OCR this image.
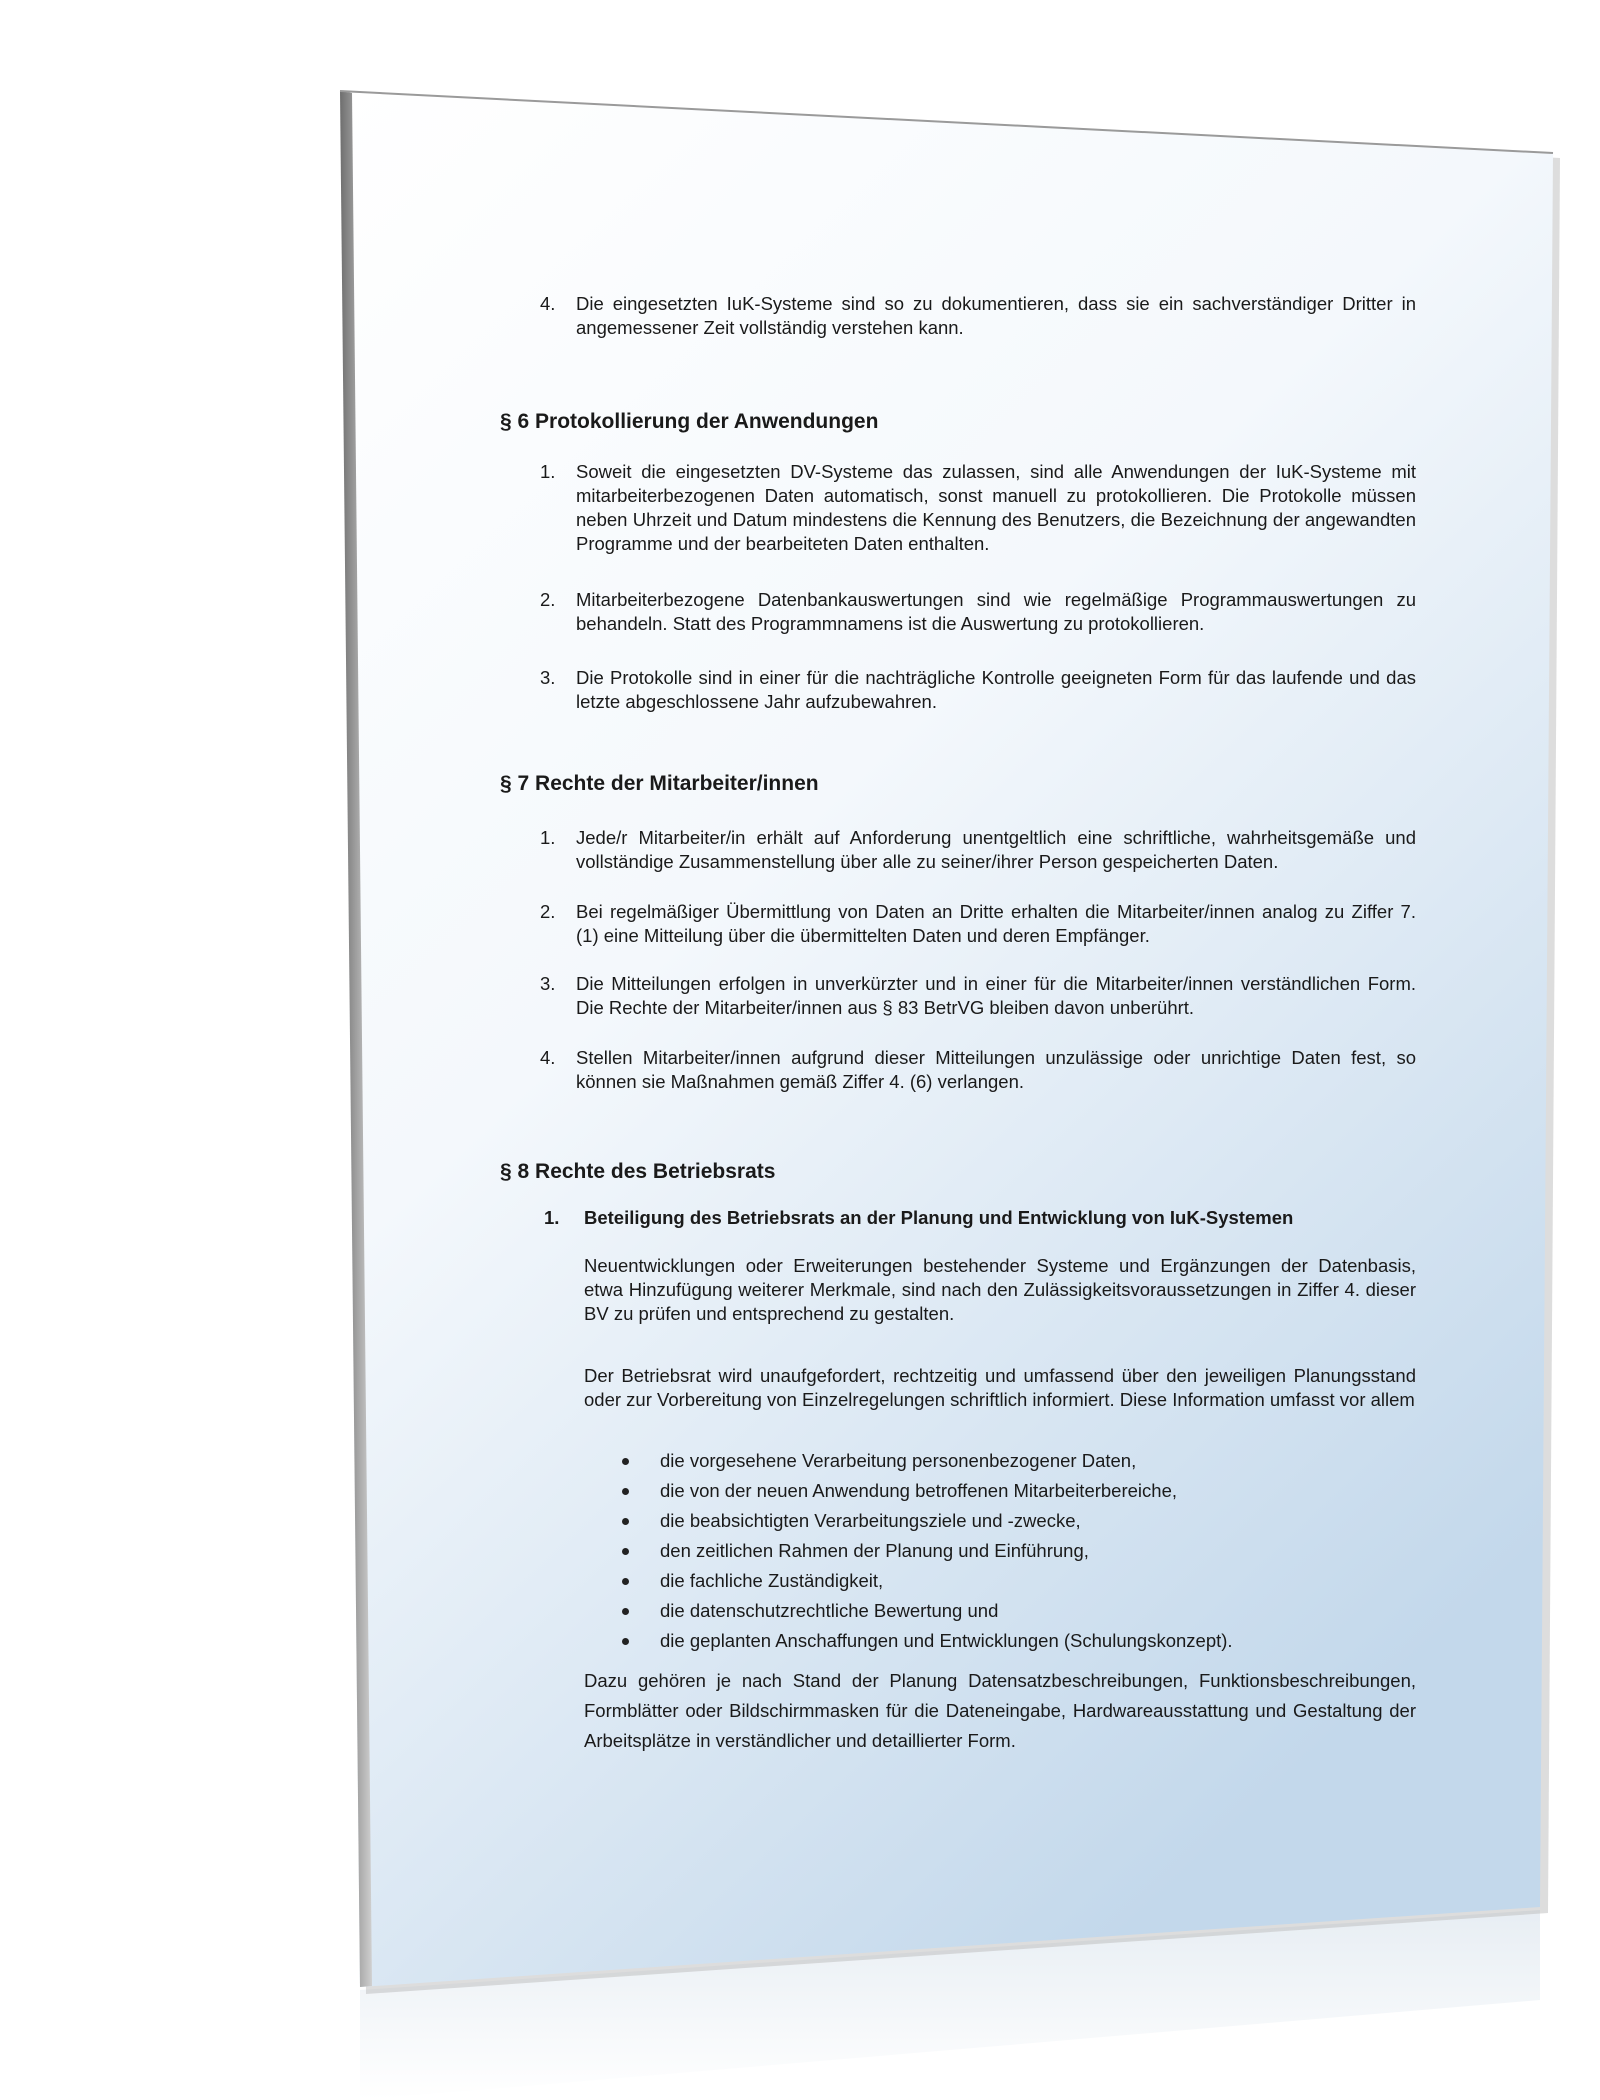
4.	Die eingesetzten IuK-Systeme sind so zu dokumentieren, dass sie ein sachverständiger Dritter in angemessener Zeit vollständig verstehen kann.
§ 6 Protokollierung der Anwendungen
1.	Soweit die eingesetzten DV-Systeme das zulassen, sind alle Anwendungen der IuK-Systeme mit mitarbeiterbezogenen Daten automatisch, sonst manuell zu protokollieren. Die Protokolle müssen neben Uhrzeit und Datum mindestens die Kennung des Benutzers, die Bezeichnung der angewandten Programme und der bearbeiteten Daten enthalten.
2.	Mitarbeiterbezogene Datenbankauswertungen sind wie regelmäßige Programmauswertungen zu behandeln. Statt des Programmnamens ist die Auswertung zu protokollieren.
3.	Die Protokolle sind in einer für die nachträgliche Kontrolle geeigneten Form für das laufende und das letzte abgeschlossene Jahr aufzubewahren.
§ 7 Rechte der Mitarbeiter/innen
1.	Jede/r Mitarbeiter/in erhält auf Anforderung unentgeltlich eine schriftliche, wahrheitsgemäße und vollständige Zusammenstellung über alle zu seiner/ihrer Person gespeicherten Daten.
2.	Bei regelmäßiger Übermittlung von Daten an Dritte erhalten die Mitarbeiter/innen analog zu Ziffer 7. (1) eine Mitteilung über die übermittelten Daten und deren Empfänger.
3.	Die Mitteilungen erfolgen in unverkürzter und in einer für die Mitarbeiter/innen verständlichen Form. Die Rechte der Mitarbeiter/innen aus § 83 BetrVG bleiben davon unberührt.
4.	Stellen Mitarbeiter/innen aufgrund dieser Mitteilungen unzulässige oder unrichtige Daten fest, so können sie Maßnahmen gemäß Ziffer 4. (6) verlangen.
§ 8 Rechte des Betriebsrats
1. Beteiligung des Betriebsrats an der Planung und Entwicklung von IuK-Systemen
Neuentwicklungen oder Erweiterungen bestehender Systeme und Ergänzungen der Datenbasis, etwa Hinzufügung weiterer Merkmale, sind nach den Zulässigkeitsvoraussetzungen in Ziffer 4. dieser BV zu prüfen und entsprechend zu gestalten.
Der Betriebsrat wird unaufgefordert, rechtzeitig und umfassend über den jeweiligen Planungsstand oder zur Vorbereitung von Einzelregelungen schriftlich informiert. Diese Information umfasst vor allem
die vorgesehene Verarbeitung personenbezogener Daten,
die von der neuen Anwendung betroffenen Mitarbeiterbereiche,
die beabsichtigten Verarbeitungsziele und -zwecke,
den zeitlichen Rahmen der Planung und Einführung,
die fachliche Zuständigkeit,
die datenschutzrechtliche Bewertung und
die geplanten Anschaffungen und Entwicklungen (Schulungskonzept).
Dazu gehören je nach Stand der Planung Datensatzbeschreibungen, Funktionsbeschreibungen, Formblätter oder Bildschirmmasken für die Dateneingabe, Hardwareausstattung und Gestaltung der Arbeitsplätze in verständlicher und detaillierter Form.
